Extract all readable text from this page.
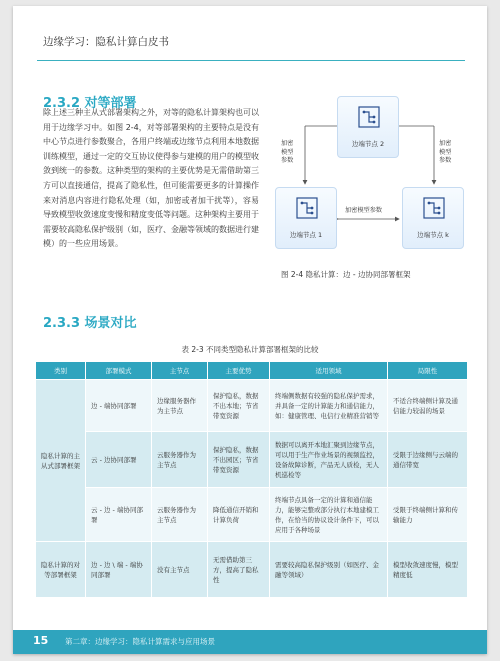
边缘学习：隐私计算白皮书
2.3.2 对等部署
除上述三种主从式部署架构之外，对等的隐私计算架构也可以用于边缘学习中。如图 2-4，对等部署架构的主要特点是没有中心节点进行参数聚合，各用户终端或边缘节点利用本地数据训练模型，通过一定的交互协议使得参与建模的用户的模型收敛到统一的参数。这种类型的架构的主要优势是无需借助第三方可以直接通信，提高了隐私性，但可能需要更多的计算操作来对消息内容进行隐私处理（如，加密或者加干扰等），容易导致模型收敛速度变慢和精度变低等问题。这种架构主要用于需要较高隐私保护级别（如，医疗、金融等领域的数据进行建模）的一些应用场景。
边端节点 2
边端节点 1	边端节点 k
加密
模型
参数
加密
模型
参数
加密模型参数
图 2-4 隐私计算：边 - 边协同部署框架
2.3.3 场景对比
表 2-3 不同类型隐私计算部署框架的比较
类别	部署模式	主节点	主要优势	适用领域	局限性
隐私计算的主从式部署框架	边 - 端协同部署	边缘服务器作为主节点	保护隐私，数据不出本地；节省带宽资源	终端侧数据有较强的隐私保护需求，并具备一定的计算能力和通信能力，如：健康管理、电信行业精准营销等	不适合终端侧计算及通信能力较弱的场景
	云 - 边协同部署	云服务器作为主节点	保护隐私，数据不出园区；节省带宽资源	数据可以离开本地汇聚到边缘节点，可以用于生产作业场景的视频监控，设备故障诊断，产品无人质检，无人机巡检等	受限于边缘侧与云端的通信带宽
	云 - 边 - 端协同部署	云服务器作为主节点	降低通信开销和计算负荷	终端节点具备一定的计算和通信能力，能够完整或部分执行本地建模工作，在恰当的协议设计条件下，可以应用于各种场景	受限于终端侧计算和传输能力
隐私计算的对等部署框架	边 - 边 \ 端 - 端协同部署	没有主节点	无需借助第三方，提高了隐私性	需要较高隐私保护级别（如医疗、金融等领域）	模型收敛速度慢，模型精度低
15 第二章：边缘学习：隐私计算需求与应用场景
